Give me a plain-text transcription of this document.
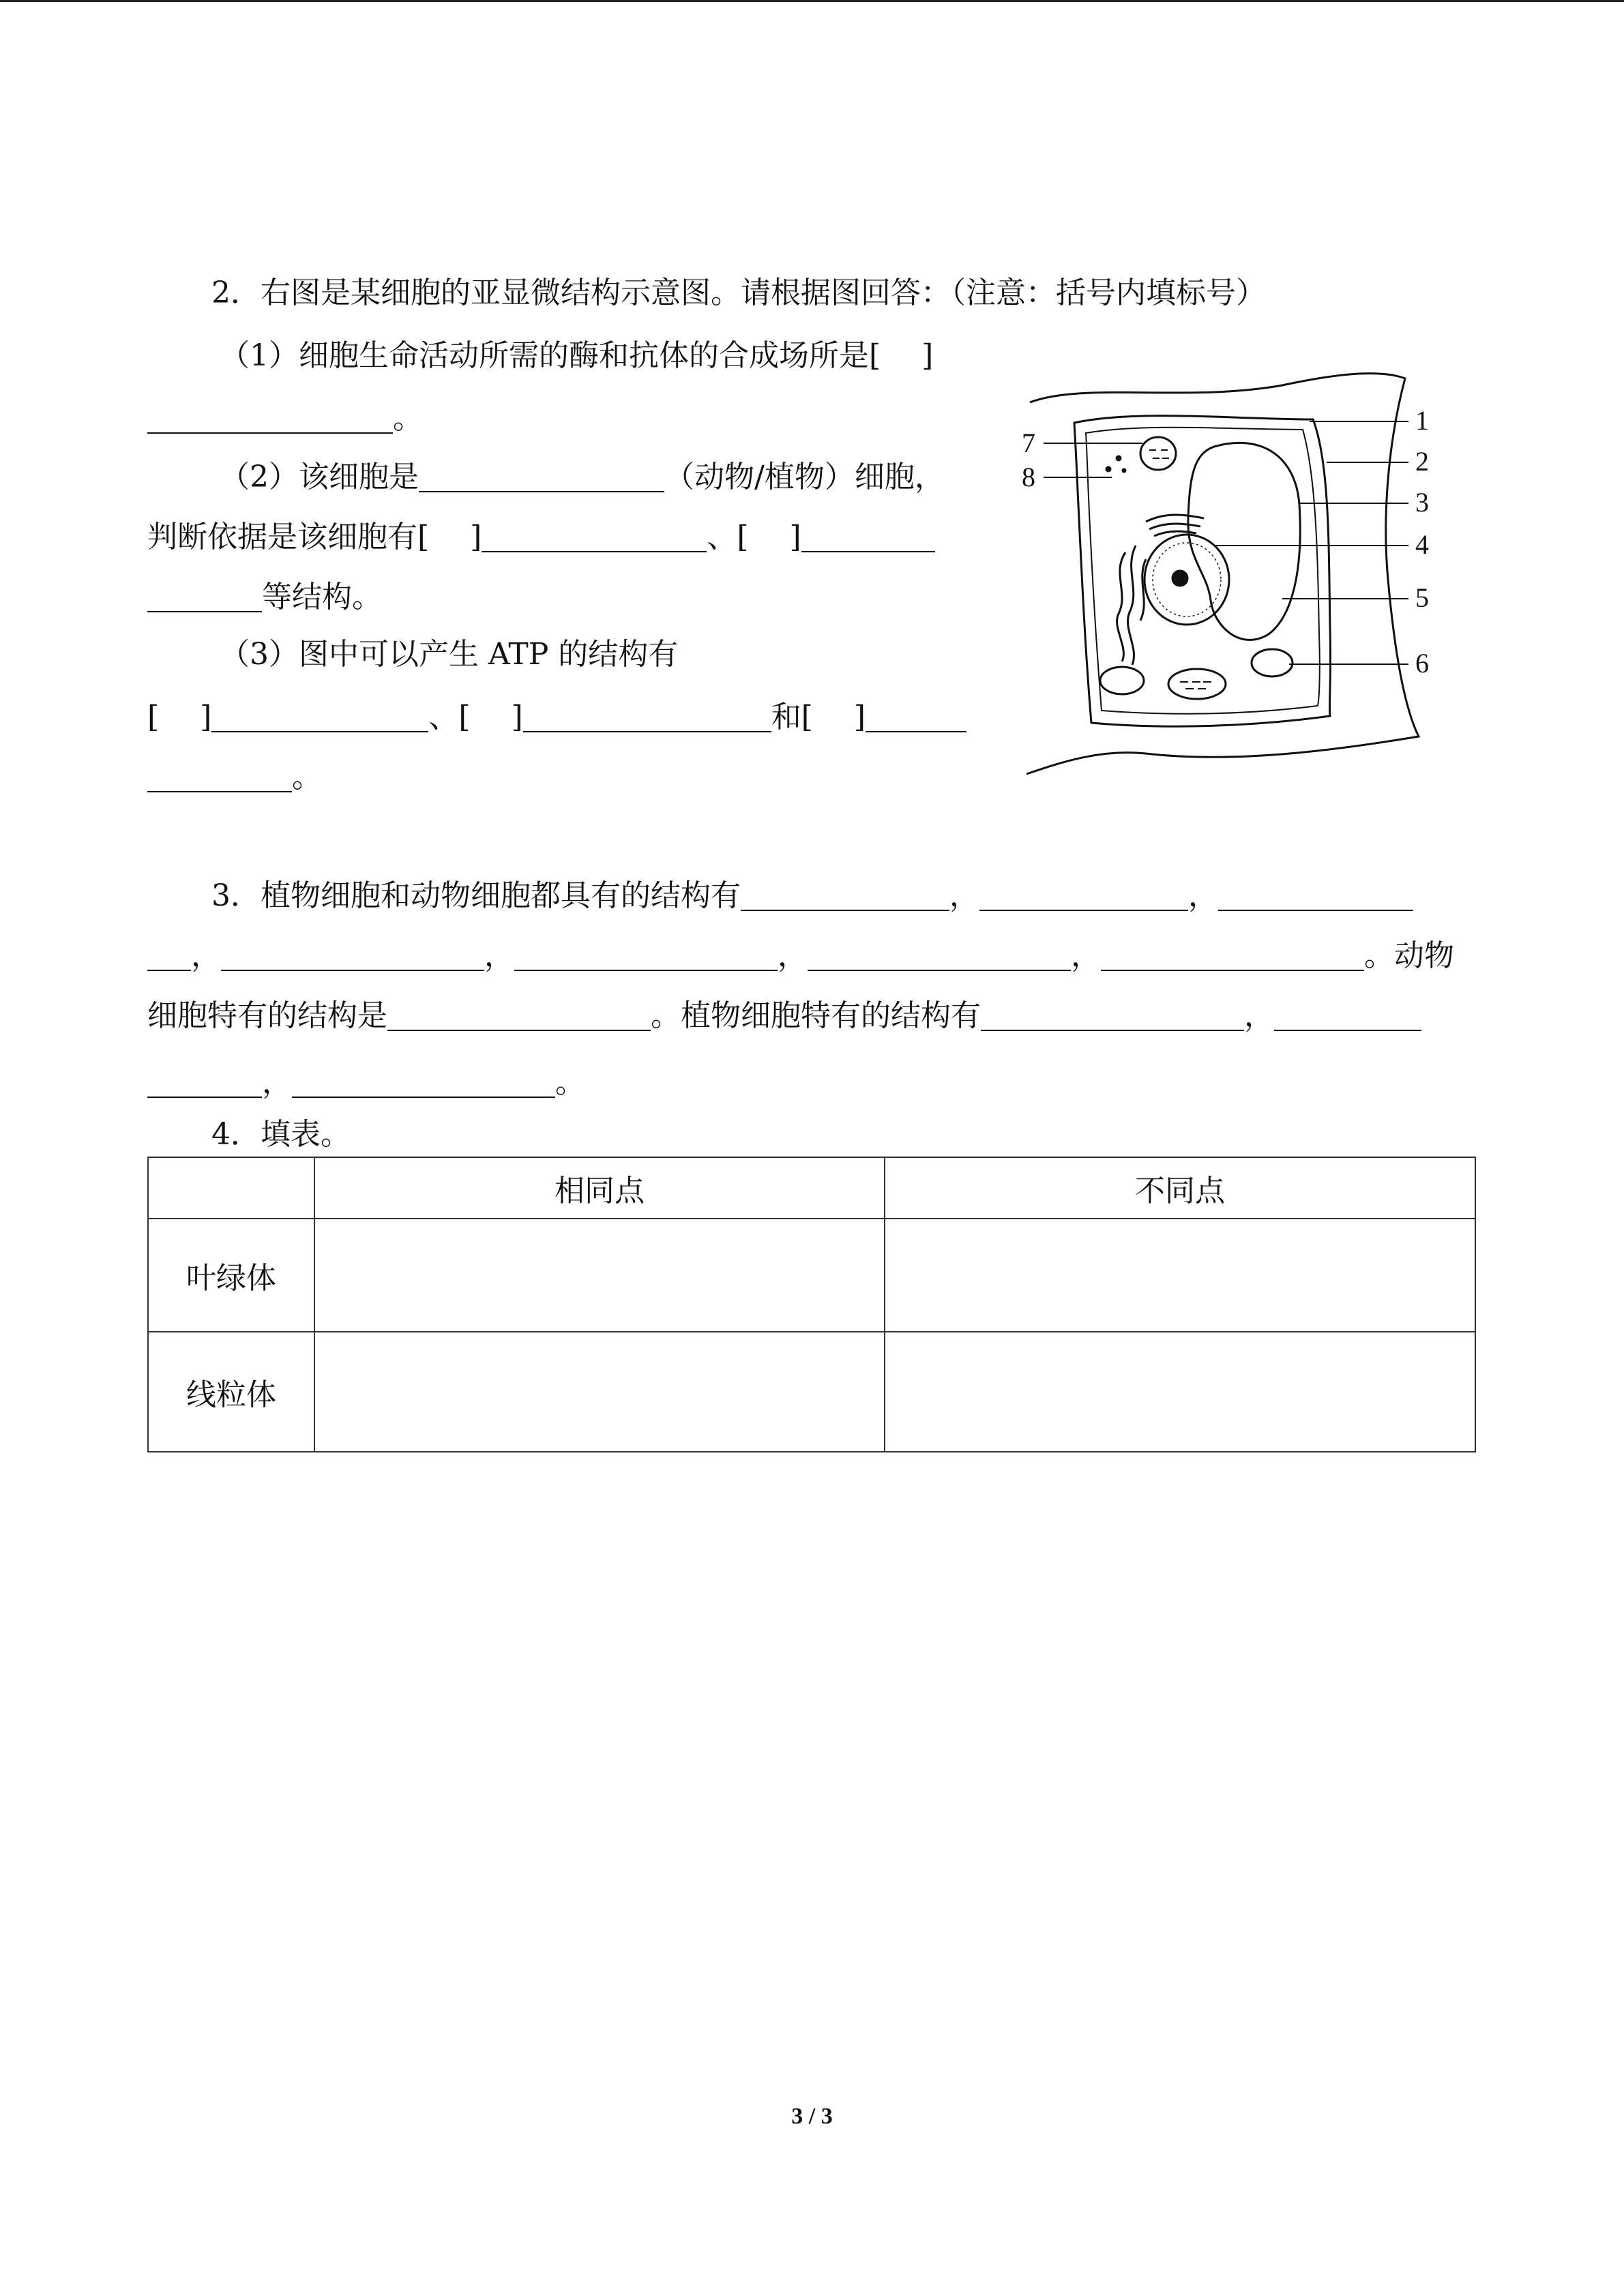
2．右图是某细胞的亚显微结构示意图。请根据图回答：（注意：括号内填标号）
（1）细胞生命活动所需的酶和抗体的合成场所是[ ]
。
（2）该细胞是	（动物/植物）细胞，
判断依据是该细胞有[ ]	、[ ]
等结构。
（3）图中可以产生 ATP 的结构有
[ ]	、[ ]	和[ ]
。
1
2
3
4
5
6
7
8
3．植物细胞和动物细胞都具有的结构有	，	，
，	，	，	，	。动物
细胞特有的结构是	。植物细胞特有的结构有	，
，	。
4．填表。
	相同点	不同点
叶绿体		
线粒体		
3 / 3
